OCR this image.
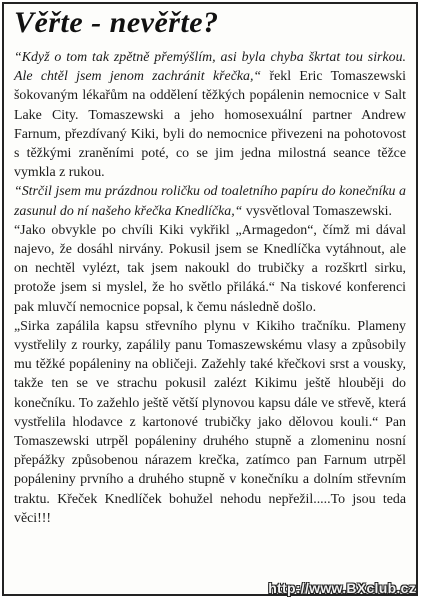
Věřte - nevěřte?

“Když o tom tak zpětně přemýšlím, asi byla chyba škrtat tou sirkou. Ale chtěl jsem jenom zachránit křečka,“ řekl Eric Tomaszewski šokovaným lékařům na oddělení těžkých popálenin nemocnice v Salt Lake City. Tomaszewski a jeho homosexuální partner Andrew Farnum, přezdívaný Kiki, byli do nemocnice přivezeni na pohotovost s těžkými zraněními poté, co se jim jedna milostná seance těžce vymkla z rukou.

“Strčil jsem mu prázdnou roličku od toaletního papíru do konečníku a zasunul do ní našeho křečka Knedlíčka,“ vysvětloval Tomaszewski.

“Jako obvykle po chvíli Kiki vykřikl „Armagedon“, čímž mi dával najevo, že dosáhl nirvány. Pokusil jsem se Knedlíčka vytáhnout, ale on nechtěl vylézt, tak jsem nakoukl do trubičky a rozškrtl sirku, protože jsem si myslel, že ho světlo přiláká.“ Na tiskové konferenci pak mluvčí nemocnice popsal, k čemu následně došlo.

„Sirka zapálila kapsu střevního plynu v Kikiho tračníku. Plameny vystřelily z rourky, zapálily panu Tomaszewskému vlasy a způsobily mu těžké popáleniny na obličeji. Zažehly také křečkovi srst a vousky, takže ten se ve strachu pokusil zalézt Kikimu ještě hlouběji do konečníku. To zažehlo ještě větší plynovou kapsu dále ve střevě, která vystřelila hlodavce z kartonové trubičky jako dělovou kouli.“ Pan Tomaszewski utrpěl popáleniny druhého stupně a zlomeninu nosní přepážky způsobenou nárazem krečka, zatímco pan Farnum utrpěl popáleniny prvního a druhého stupně v konečníku a dolním střevním traktu. Křeček Knedlíček bohužel nehodu nepřežil.....To jsou teda věci!!!

http://www.BXclub.cz
